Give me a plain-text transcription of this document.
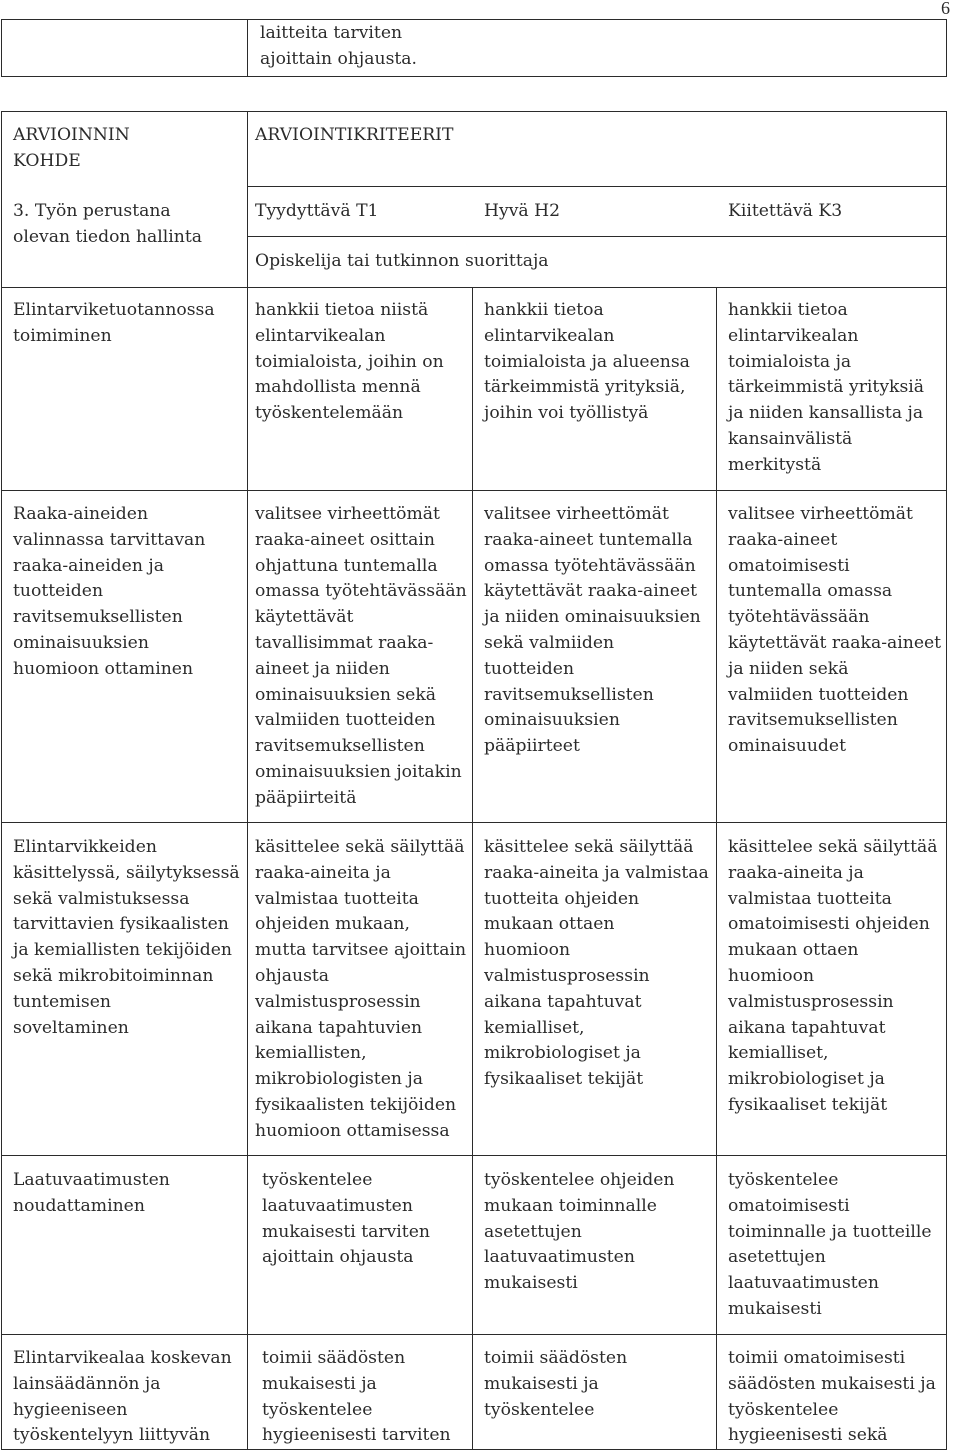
6
laitteita tarviten
ajoittain ohjausta.
ARVIOINNIN
KOHDE
ARVIOINTIKRITEERIT
3. Työn perustana
olevan tiedon hallinta
Tyydyttävä T1	Hyvä H2	Kiitettävä K3
Opiskelija tai tutkinnon suorittaja
Elintarviketuotannossa
toimiminen
hankkii tietoa niistä
elintarvikealan
toimialoista, joihin on
mahdollista mennä
työskentelemään
hankkii tietoa
elintarvikealan
toimialoista ja alueensa
tärkeimmistä yrityksiä,
joihin voi työllistyä
hankkii tietoa
elintarvikealan
toimialoista ja
tärkeimmistä yrityksiä
ja niiden kansallista ja
kansainvälistä
merkitystä
Raaka-aineiden
valinnassa tarvittavan
raaka-aineiden ja
tuotteiden
ravitsemuksellisten
ominaisuuksien
huomioon ottaminen
valitsee virheettömät
raaka-aineet osittain
ohjattuna tuntemalla
omassa työtehtävässään
käytettävät
tavallisimmat raaka-
aineet ja niiden
ominaisuuksien sekä
valmiiden tuotteiden
ravitsemuksellisten
ominaisuuksien joitakin
pääpiirteitä
valitsee virheettömät
raaka-aineet tuntemalla
omassa työtehtävässään
käytettävät raaka-aineet
ja niiden ominaisuuksien
sekä valmiiden
tuotteiden
ravitsemuksellisten
ominaisuuksien
pääpiirteet
valitsee virheettömät
raaka-aineet
omatoimisesti
tuntemalla omassa
työtehtävässään
käytettävät raaka-aineet
ja niiden sekä
valmiiden tuotteiden
ravitsemuksellisten
ominaisuudet
Elintarvikkeiden
käsittelyssä, säilytyksessä
sekä valmistuksessa
tarvittavien fysikaalisten
ja kemiallisten tekijöiden
sekä mikrobitoiminnan
tuntemisen
soveltaminen
käsittelee sekä säilyttää
raaka-aineita ja
valmistaa tuotteita
ohjeiden mukaan,
mutta tarvitsee ajoittain
ohjausta
valmistusprosessin
aikana tapahtuvien
kemiallisten,
mikrobiologisten ja
fysikaalisten tekijöiden
huomioon ottamisessa
käsittelee sekä säilyttää
raaka-aineita ja valmistaa
tuotteita ohjeiden
mukaan ottaen
huomioon
valmistusprosessin
aikana tapahtuvat
kemialliset,
mikrobiologiset ja
fysikaaliset tekijät
käsittelee sekä säilyttää
raaka-aineita ja
valmistaa tuotteita
omatoimisesti ohjeiden
mukaan ottaen
huomioon
valmistusprosessin
aikana tapahtuvat
kemialliset,
mikrobiologiset ja
fysikaaliset tekijät
Laatuvaatimusten
noudattaminen
työskentelee
laatuvaatimusten
mukaisesti tarviten
ajoittain ohjausta
työskentelee ohjeiden
mukaan toiminnalle
asetettujen
laatuvaatimusten
mukaisesti
työskentelee
omatoimisesti
toiminnalle ja tuotteille
asetettujen
laatuvaatimusten
mukaisesti
Elintarvikealaa koskevan
lainsäädännön ja
hygieeniseen
työskentelyyn liittyvän
toimii säädösten
mukaisesti ja
työskentelee
hygieenisesti tarviten
toimii säädösten
mukaisesti ja
työskentelee
toimii omatoimisesti
säädösten mukaisesti ja
työskentelee
hygieenisesti sekä
